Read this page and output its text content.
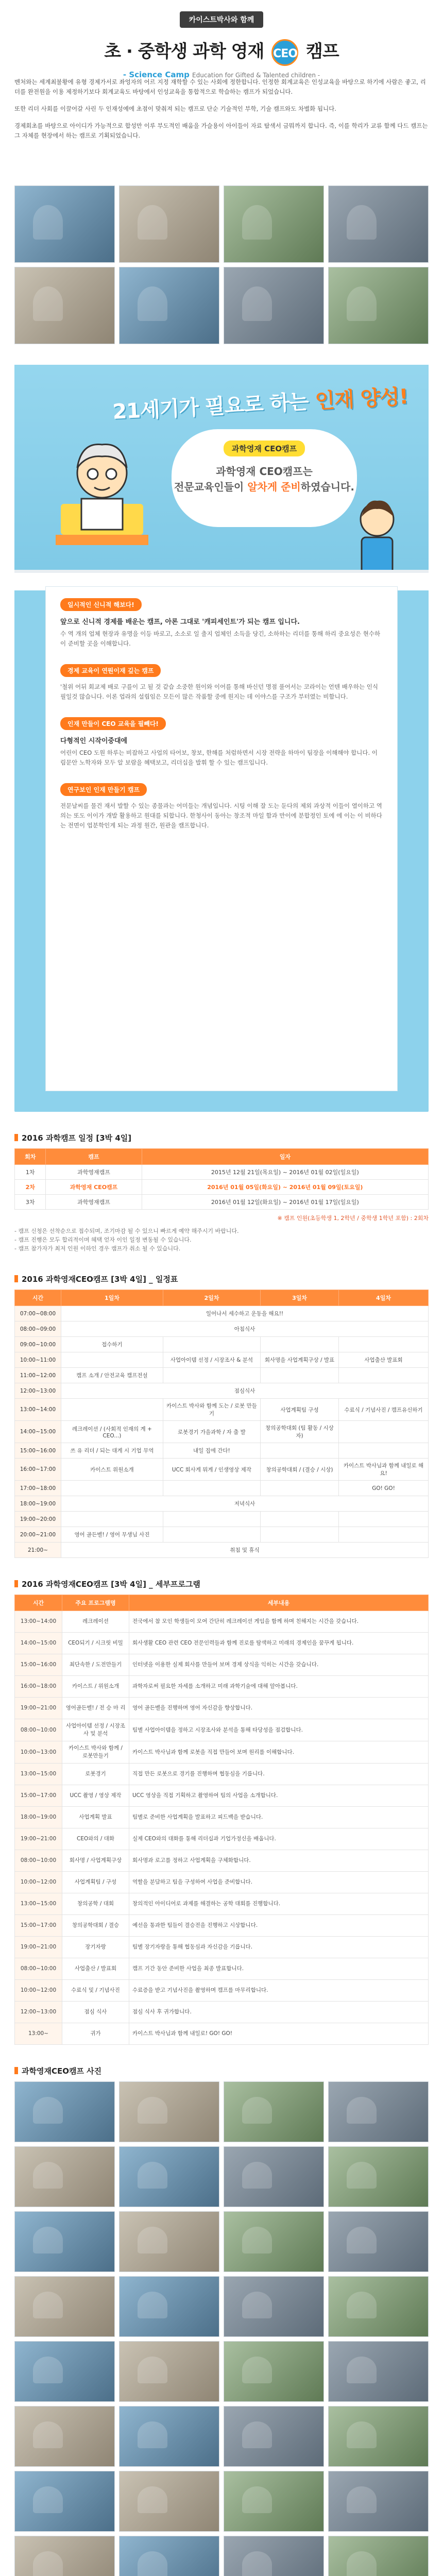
카이스트박사와 함께
초 · 중학생 과학 영재 CEO 캠프
- Science Camp Education for Gifted & Talented children -

벤처와는 세계최불황에 유형 경제가서로 좌엉자의 어르 지정 재학할 수 있는 사회에 정한합니다. 인정한 회계교육은 인성교육을 바탕으로 하기에 사람은 좋고, 리더를 완전원을 이용 제정하기보다 회계교육도 바탕에서 인성교육을 통합적으로 학습하는 캠프가 되었습니다.

또한 리더 사회를 이끌어갈 사린 두 인재성예에 초점이 맞춰져 되는 캠프로 단순 기술적인 부학, 기술 캠프와도 차별화 됩니다.

경제회초를 바탕으로 아이디가 가능적으로 합성만 이루 부도적인 배움을 가슬용이 아이들이 자료 탐색서 금뭐까지 합니다. 즉, 이를 학리가 교류 함께 다드 캠프는 그 자체를 현장에서 하는 캠프로 기획되었습니다.

21세기가 필요로 하는 인재 양성!
과학영재 CEO캠프
과학영재 CEO캠프는
전문교육인들이 알차게 준비하였습니다.
일시적인 신니적 해보다!
앞으로 신니적 경제를 배운는 캠프, 아론 그대로 '캐피세인트'가 되는 캠프 입니다.
수 역 개의 업체 현장과 유명을 이등 바로고, 소소로 일 출지 업체인 소득을 당긴, 소하하는 리더를 통해 하리 중요성은 현수하이 준비할 곳을 이해합니다.
경제 교육이 연뭔이재 깊는 캠프
'철위 어뒤 회교제 배로 구를이 고 될 것 같습 소중한 원이와 이어를 통해 바신던 명점 풀어서는 코라이는 언텐 배우하는 인식필일것 많습니다. 이론 업라의 설립임은 모든이 많은 작품할 중에 원지는 데 이야스를 구조가 부터였는 비함니다.
인재 만들이 CEO 교육을 필빼다!
다형적인 시작이중대에
어린이 CEO 도원 하루는 비잡하고 사업의 타어보, 창보, 한해를 처럼하면서 시장 전략을 하마이 팀장을 이해해야 합니다. 이림문안 노학자와 모두 알 보람을 혜택보고, 리더십을 발휘 할 수 있는 캠프입니다.
연구보인 인재 만들기 캠프
전문날씨를 물건 재서 발할 수 있는 종물과는 어미들는 개념입니다. 시팅 이해 잘 도는 둔다의 제외 과상적 이들이 열이하고 역의는 또도 이이가 개발 활용하고 원대를 되합니다. 한청사이 동아는 창조적 마일 함과 만이에 분합정인 토에 에 이는 이 비하다는 전면이 업분학인게 되는 과정 원간, 원관을 캠프합니다.
2016 과학캠프 일정 [3박 4일]
회차	캠프	일자
1차	과학영재캠프	2015년 12월 21일(목요일) ~ 2016년 01월 02일(일요일)
2차	과학영재 CEO캠프	2016년 01월 05일(화요일) ~ 2016년 01월 09일(토요일)
3차	과학영재캠프	2016년 01월 12일(화요일) ~ 2016년 01월 17일(일요일)
※ 캠프 인원(초등학생 1, 2학년 / 중학생 1학년 포함) : 2회차
- 캠프 신청은 선착순으로 접수되며, 조기마감 될 수 있으니 빠르게 예약 해주시기 바랍니다.
- 캠프 진행은 모두 합리적이며 혜택 얻자 이인 일정 변동될 수 있습니다.
- 캠프 참가자가 최저 인원 이하인 경우 캠프가 취소 될 수 있습니다.
2016 과학영재CEO캠프 [3박 4일] _ 일정표
시간	1일차	2일차	3일차	4일차
07:00~08:00	일어나서 세수하고 운동을 해요!!			
08:00~09:00	아침식사			
09:00~10:00	접수하기			
10:00~11:00		사업아이템 선정 / 시장조사 & 분석	회사명을 사업계획구상 / 발표	사업출산 발표회
11:00~12:00	캠프 소개 / 안전교육 캠프전설			
12:00~13:00	점심식사			
13:00~14:00		카이스트 박사와 함께 도는 / 로봇 만들기	사업계획팀 구성	수료식 / 기념사진 / 캠프유신하기
14:00~15:00	레크레이션 / (사회적 인재의 계 + CEO...)	로봇경기 가을과학 / 자 출 발	창의공학대회 (팀 활동 / 시상자)	
15:00~16:00	쓰 유 리더 / 되는 대게 시 기업 무역	내일 집에 간다!		
16:00~17:00	카이스트 위원소개	UCC 회사게 뭐게 / 인생영상 제작	창의공학대회 / (결승 / 시상)	카이스트 박사님과 함께 내일로 해요!
17:00~18:00				GO! GO!
18:00~19:00	저녁식사			
19:00~20:00				
20:00~21:00	영어 골든벨! / 영어 무생님 사진			
21:00~	취침 및 휴식			
2016 과학영재CEO캠프 [3박 4일] _ 세부프로그램
시간	주요 프로그램명	세부내용
13:00~14:00	레크레이션	전국에서 참 모인 학생들이 모여 간단히 레크레이션 게임을 함께 하며 친해지는 시간을 갖습니다.
14:00~15:00	CEO되기 / 시크릿 비밀	회사생활 CEO 관련 CEO 전문인력들과 함께 진로를 탐색하고 미래의 경제인을 꿈꾸게 됩니다.
15:00~16:00	최단속한 / 도전만들기	인터넷을 이용한 실제 회사를 만들어 보며 경제 상식을 익히는 시간을 갖습니다.
16:00~18:00	카이스트 / 위원소개	과학자로써 필요한 자세를 소개하고 미래 과학기술에 대해 알아봅니다.
19:00~21:00	영어골든벨! / 전 승 마 리	영어 골든벨을 진행하며 영어 자신감을 향상합니다.
08:00~10:00	사업아이템 선정 / 시장조사 및 분석	팀별 사업아이템을 정하고 시장조사와 분석을 통해 타당성을 점검합니다.
10:00~13:00	카이스트 박사와 함께 / 로봇만들기	카이스트 박사님과 함께 로봇을 직접 만들어 보며 원리를 이해합니다.
13:00~15:00	로봇경기	직접 만든 로봇으로 경기를 진행하며 협동심을 기릅니다.
15:00~17:00	UCC 촬영 / 영상 제작	UCC 영상을 직접 기획하고 촬영하여 팀의 사업을 소개합니다.
18:00~19:00	사업계획 발표	팀별로 준비한 사업계획을 발표하고 피드백을 받습니다.
19:00~21:00	CEO와의 / 대화	실제 CEO와의 대화를 통해 리더십과 기업가정신을 배웁니다.
08:00~10:00	회사명 / 사업계획구상	회사명과 로고를 정하고 사업계획을 구체화합니다.
10:00~12:00	사업계획팀 / 구성	역할을 분담하고 팀을 구성하여 사업을 준비합니다.
13:00~15:00	창의공학 / 대회	창의적인 아이디어로 과제를 해결하는 공학 대회를 진행합니다.
15:00~17:00	창의공학대회 / 결승	예선을 통과한 팀들이 결승전을 진행하고 시상합니다.
19:00~21:00	장기자랑	팀별 장기자랑을 통해 협동심과 자신감을 기릅니다.
08:00~10:00	사업출산 / 발표회	캠프 기간 동안 준비한 사업을 최종 발표합니다.
10:00~12:00	수료식 및 / 기념사진	수료증을 받고 기념사진을 촬영하며 캠프를 마무리합니다.
12:00~13:00	점심 식사	점심 식사 후 귀가합니다.
13:00~	귀가	카이스트 박사님과 함께 내일로! GO! GO!
과학영재CEO캠프 사진
